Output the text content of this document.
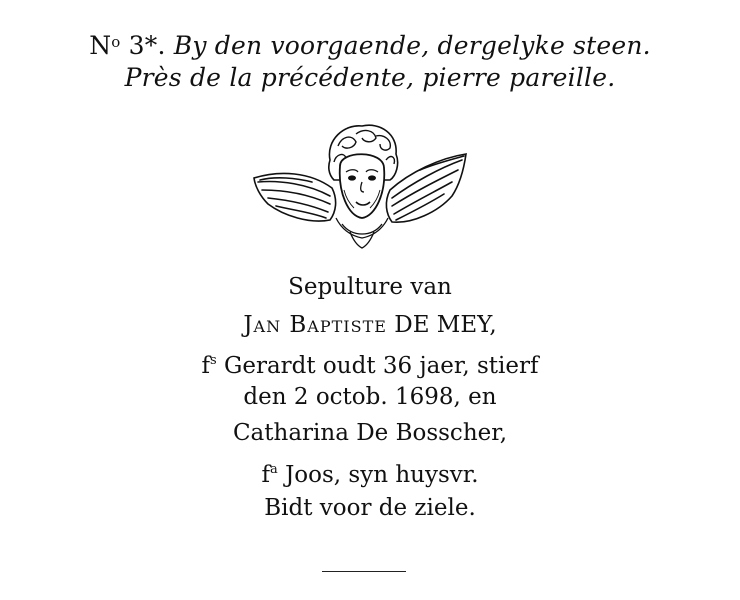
$N^o$ 3*. By den voorgaende, dergelyke steen.
Près de la précédente, pierre pareille.
Sepulture van
Jan Baptiste DE MEY,
$f^s$ Gerardt oudt 36 jaer, stierf
den 2 octob. 1698, en
Catharina De Bosscher,
$f^a$ Joos, syn huysvr.
Bidt voor de ziele.
